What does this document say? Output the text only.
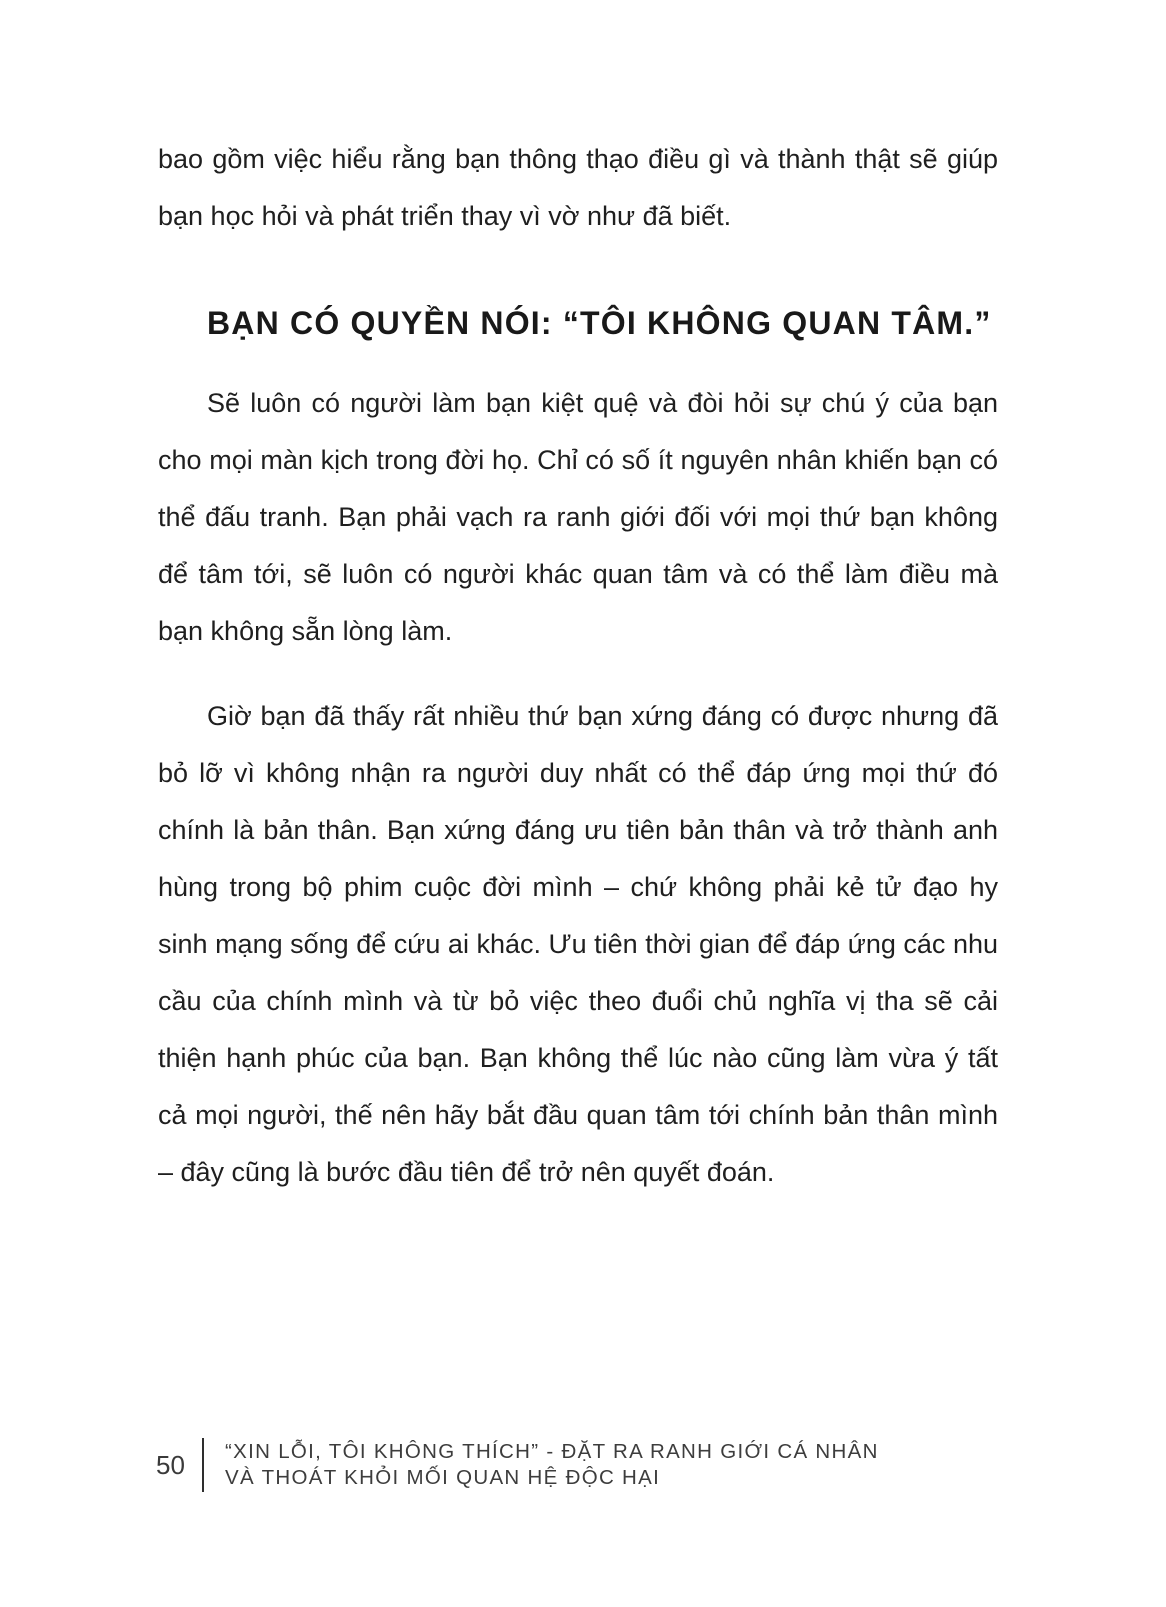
bao gồm việc hiểu rằng bạn thông thạo điều gì và thành thật sẽ giúp bạn học hỏi và phát triển thay vì vờ như đã biết.

BẠN CÓ QUYỀN NÓI: “TÔI KHÔNG QUAN TÂM.”

Sẽ luôn có người làm bạn kiệt quệ và đòi hỏi sự chú ý của bạn cho mọi màn kịch trong đời họ. Chỉ có số ít nguyên nhân khiến bạn có thể đấu tranh. Bạn phải vạch ra ranh giới đối với mọi thứ bạn không để tâm tới, sẽ luôn có người khác quan tâm và có thể làm điều mà bạn không sẵn lòng làm.

Giờ bạn đã thấy rất nhiều thứ bạn xứng đáng có được nhưng đã bỏ lỡ vì không nhận ra người duy nhất có thể đáp ứng mọi thứ đó chính là bản thân. Bạn xứng đáng ưu tiên bản thân và trở thành anh hùng trong bộ phim cuộc đời mình – chứ không phải kẻ tử đạo hy sinh mạng sống để cứu ai khác. Ưu tiên thời gian để đáp ứng các nhu cầu của chính mình và từ bỏ việc theo đuổi chủ nghĩa vị tha sẽ cải thiện hạnh phúc của bạn. Bạn không thể lúc nào cũng làm vừa ý tất cả mọi người, thế nên hãy bắt đầu quan tâm tới chính bản thân mình – đây cũng là bước đầu tiên để trở nên quyết đoán.

50	“XIN LỖI, TÔI KHÔNG THÍCH” - ĐẶT RA RANH GIỚI CÁ NHÂN
VÀ THOÁT KHỎI MỐI QUAN HỆ ĐỘC HẠI
